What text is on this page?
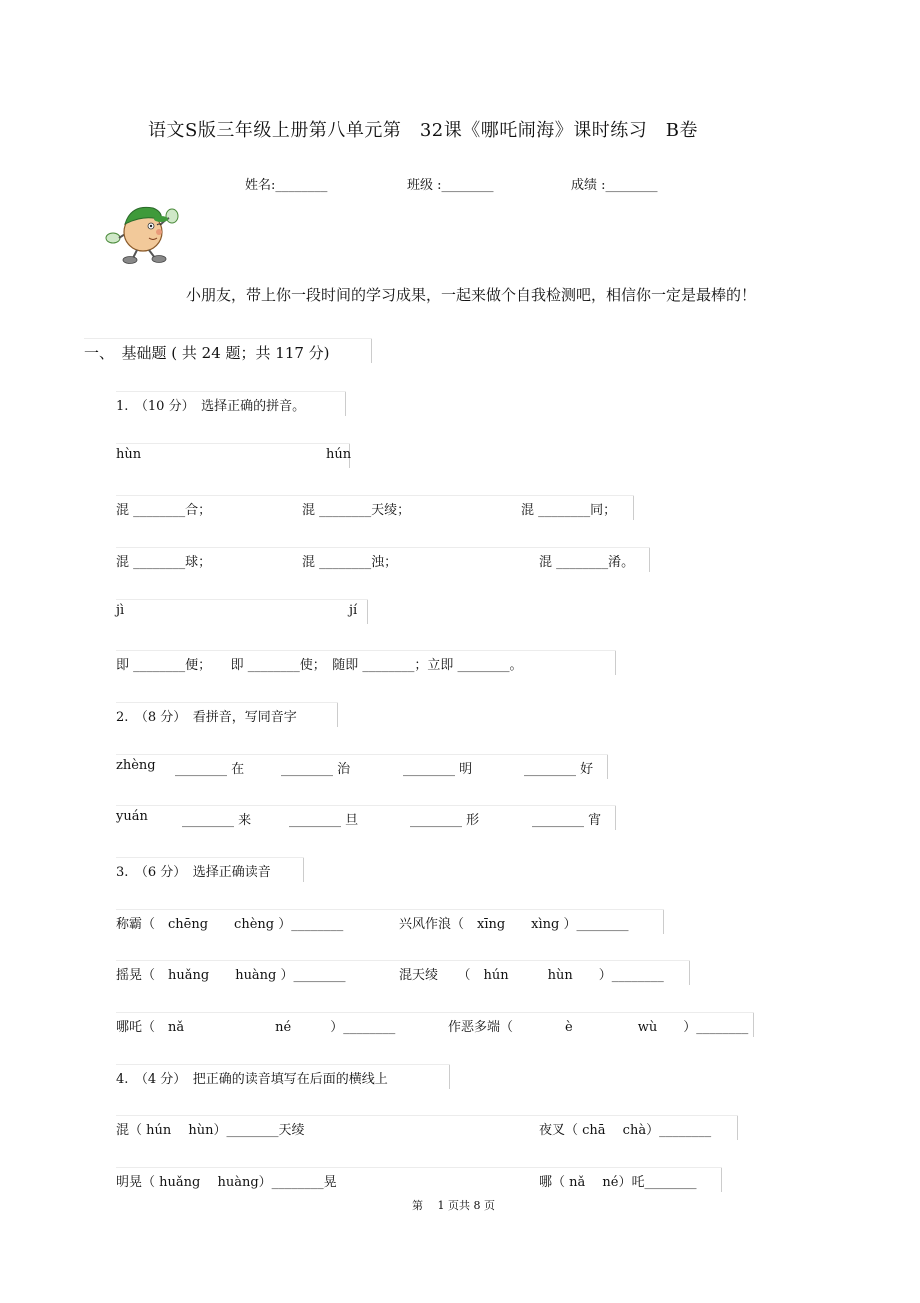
语文S版三年级上册第八单元第　32课《哪吒闹海》课时练习　B卷
姓名:________	班级 :________	成绩 :________
小朋友，带上你一段时间的学习成果，一起来做个自我检测吧，相信你一定是最棒的！
一、　基础题 ( 共 24 题；共 117 分)
1.　（10 分）　选择正确的拼音。
hùn	hún
混 ________合；	混 ________天绫；	混 ________同；
混 ________球；	混 ________浊；	混 ________淆。
jì	jí
即 ________便；　　即 ________使；　随即 ________；立即 ________。
2.　（8 分）　看拼音，写同音字
zhèng ________ 在	________ 治	________ 明	________ 好
yuán	________ 来	________ 旦	________ 形	________ 宵
3.　（6 分）　选择正确读音
称霸（　chēng　　chèng ）________	兴风作浪（　xīng　　xìng ）________
摇晃（　huǎng　　huàng ）________	混天绫　　（　hún　　　hùn　　）________
哪吒（　nǎ　　　　　　　né　　　）________	作恶多端（　　　　è　　　　　wù　　）________
4.　（4 分）　把正确的读音填写在后面的横线上
混（ hún　 hùn）________天绫	夜叉（ chā　 chà）________
明晃（ huǎng　 huàng）________晃	哪（ nǎ　 né）吒________
第　 1 页共 8 页
